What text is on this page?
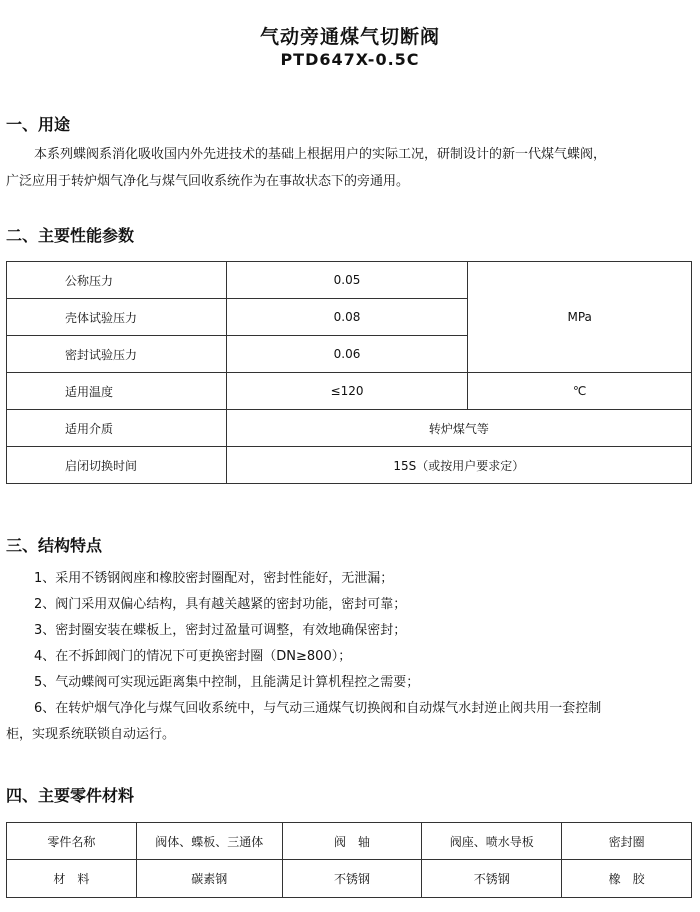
气动旁通煤气切断阀
PTD647X-0.5C
一、用途
本系列蝶阀系消化吸收国内外先进技术的基础上根据用户的实际工况，研制设计的新一代煤气蝶阀，
广泛应用于转炉烟气净化与煤气回收系统作为在事故状态下的旁通用。
二、主要性能参数
公称压力	0.05	MPa
壳体试验压力	0.08	
密封试验压力	0.06	
适用温度	≤120	℃
适用介质	转炉煤气等	
启闭切换时间	15S（或按用户要求定）	
三、结构特点
1、采用不锈钢阀座和橡胶密封圈配对，密封性能好，无泄漏；
2、阀门采用双偏心结构，具有越关越紧的密封功能，密封可靠；
3、密封圈安装在蝶板上，密封过盈量可调整，有效地确保密封；
4、在不拆卸阀门的情况下可更换密封圈（DN≥800）；
5、气动蝶阀可实现远距离集中控制，且能满足计算机程控之需要；
6、在转炉烟气净化与煤气回收系统中，与气动三通煤气切换阀和自动煤气水封逆止阀共用一套控制
柜，实现系统联锁自动运行。
四、主要零件材料
零件名称	阀体、蝶板、三通体	阀　轴	阀座、喷水导板	密封圈
材　料	碳素钢	不锈钢	不锈钢	橡　胶
